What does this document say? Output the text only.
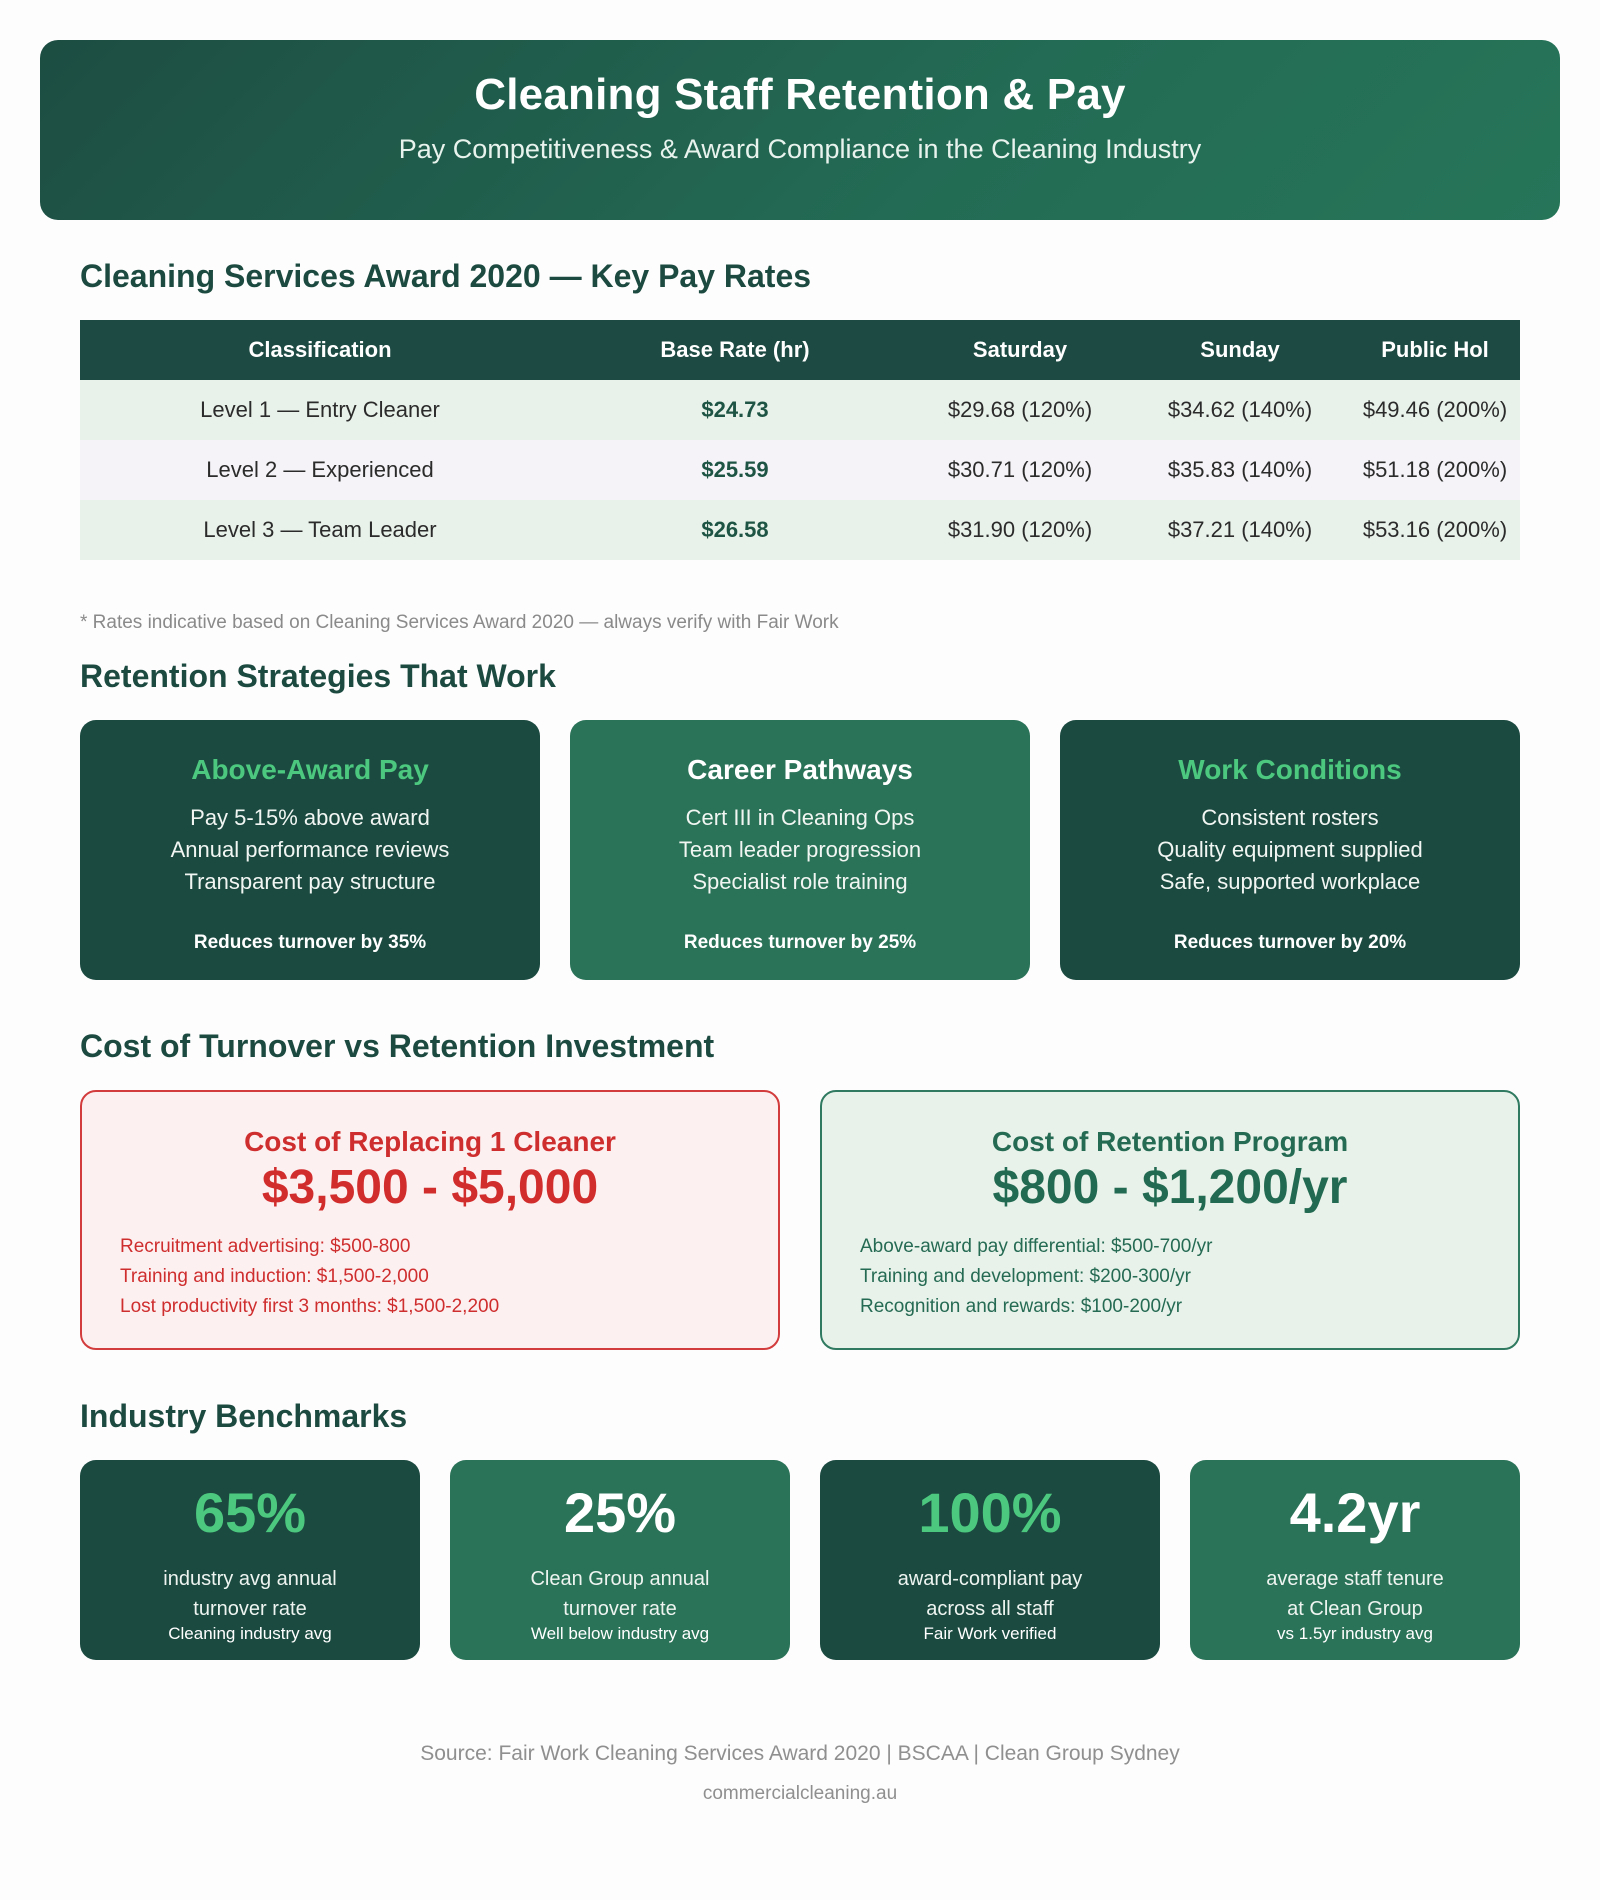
Cleaning Staff Retention & Pay
Pay Competitiveness & Award Compliance in the Cleaning Industry
Cleaning Services Award 2020 — Key Pay Rates
Classification	Base Rate (hr)	Saturday	Sunday	Public Hol
Level 1 — Entry Cleaner	$24.73	$29.68 (120%)	$34.62 (140%)	$49.46 (200%)
Level 2 — Experienced	$25.59	$30.71 (120%)	$35.83 (140%)	$51.18 (200%)
Level 3 — Team Leader	$26.58	$31.90 (120%)	$37.21 (140%)	$53.16 (200%)
* Rates indicative based on Cleaning Services Award 2020 — always verify with Fair Work
Retention Strategies That Work
Above-Award Pay
Pay 5-15% above award
Annual performance reviews
Transparent pay structure
Reduces turnover by 35%
Career Pathways
Cert III in Cleaning Ops
Team leader progression
Specialist role training
Reduces turnover by 25%
Work Conditions
Consistent rosters
Quality equipment supplied
Safe, supported workplace
Reduces turnover by 20%
Cost of Turnover vs Retention Investment
Cost of Replacing 1 Cleaner
$3,500 - $5,000
Recruitment advertising: $500-800
Training and induction: $1,500-2,000
Lost productivity first 3 months: $1,500-2,200
Cost of Retention Program
$800 - $1,200/yr
Above-award pay differential: $500-700/yr
Training and development: $200-300/yr
Recognition and rewards: $100-200/yr
Industry Benchmarks
65%
industry avg annual
turnover rate
Cleaning industry avg
25%
Clean Group annual
turnover rate
Well below industry avg
100%
award-compliant pay
across all staff
Fair Work verified
4.2yr
average staff tenure
at Clean Group
vs 1.5yr industry avg
Source: Fair Work Cleaning Services Award 2020 | BSCAA | Clean Group Sydney
commercialcleaning.au
